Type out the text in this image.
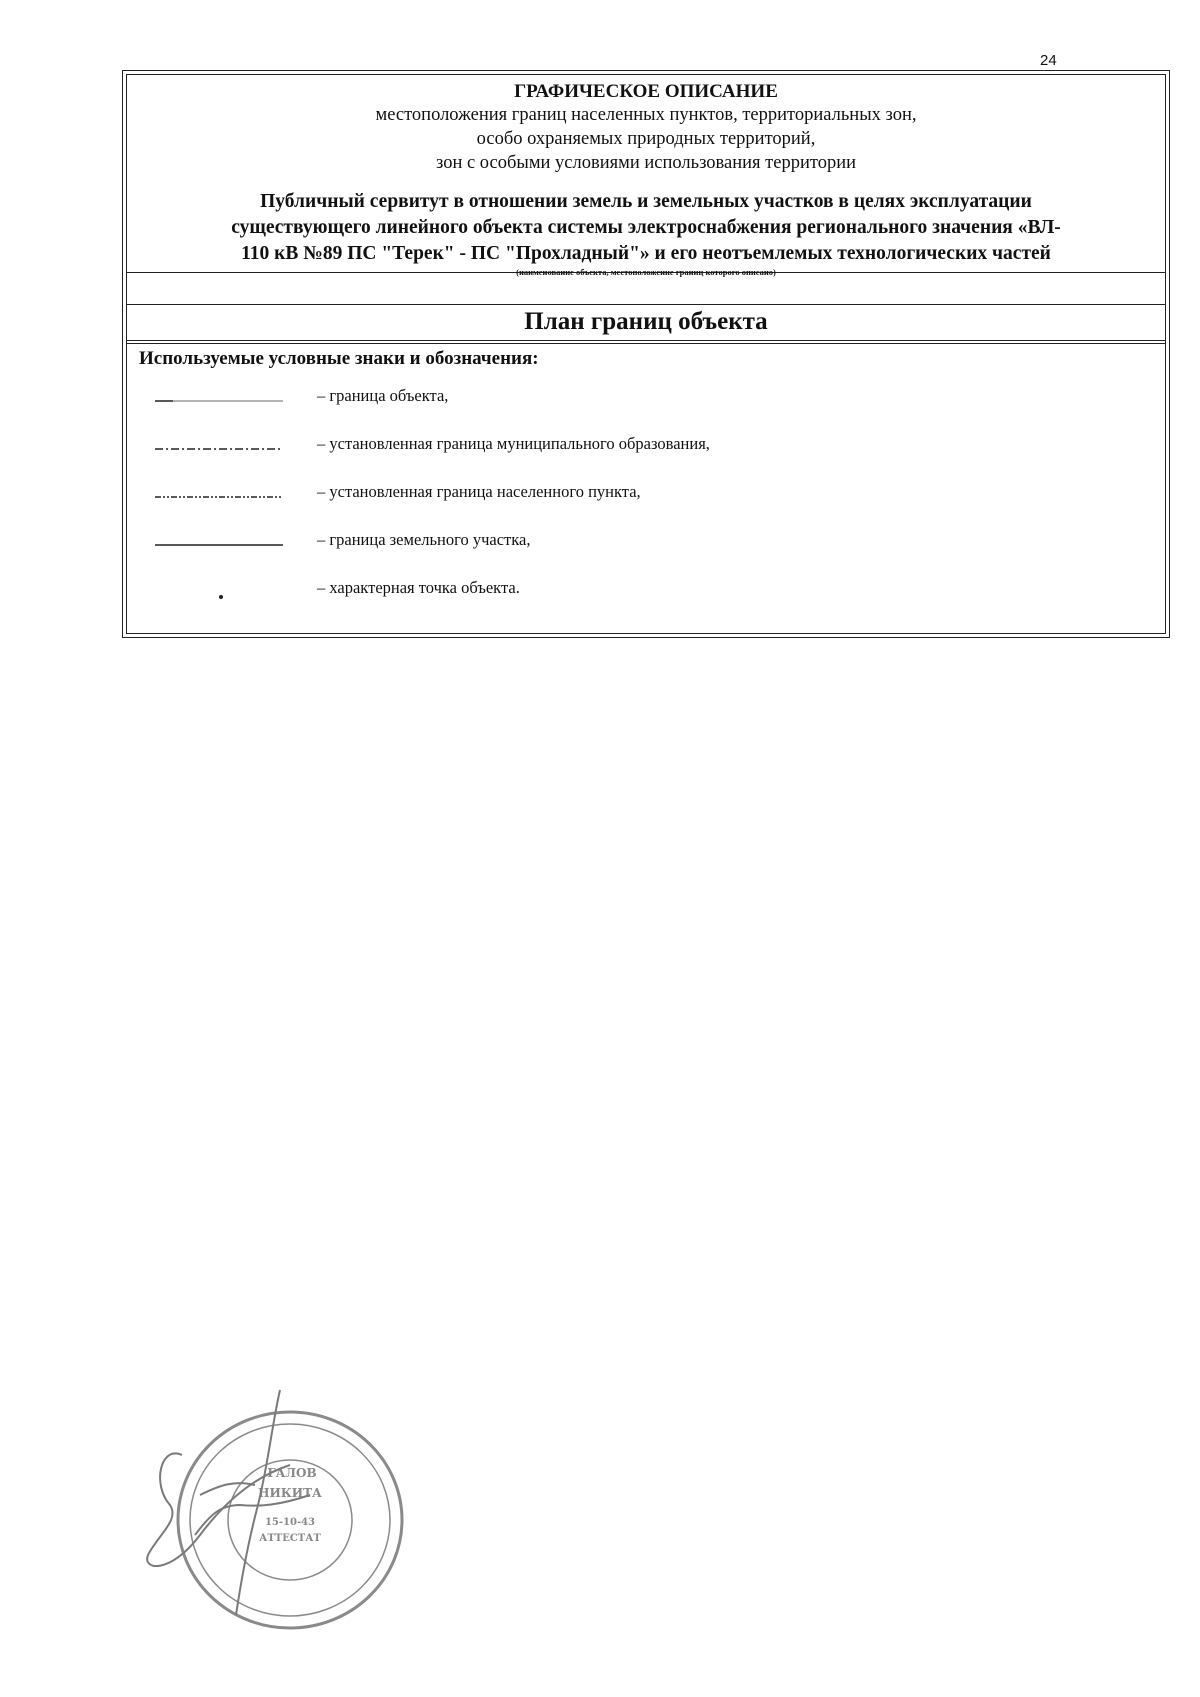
24
ГРАФИЧЕСКОЕ ОПИСАНИЕ
местоположения границ населенных пунктов, территориальных зон,
особо охраняемых природных территорий,
зон с особыми условиями использования территории
Публичный сервитут в отношении земель и земельных участков в целях эксплуатации
существующего линейного объекта системы электроснабжения регионального значения «ВЛ-
110 кВ №89 ПС "Терек" - ПС "Прохладный"» и его неотъемлемых технологических частей
(наименование объекта, местоположение границ которого описано)
План границ объекта
Используемые условные знаки и обозначения:
– граница объекта,
– установленная граница муниципального образования,
– установленная граница населенного пункта,
– граница земельного участка,
– характерная точка объекта.
ГАЛОВ
НИКИТА
15-10-43
АТТЕСТАТ
